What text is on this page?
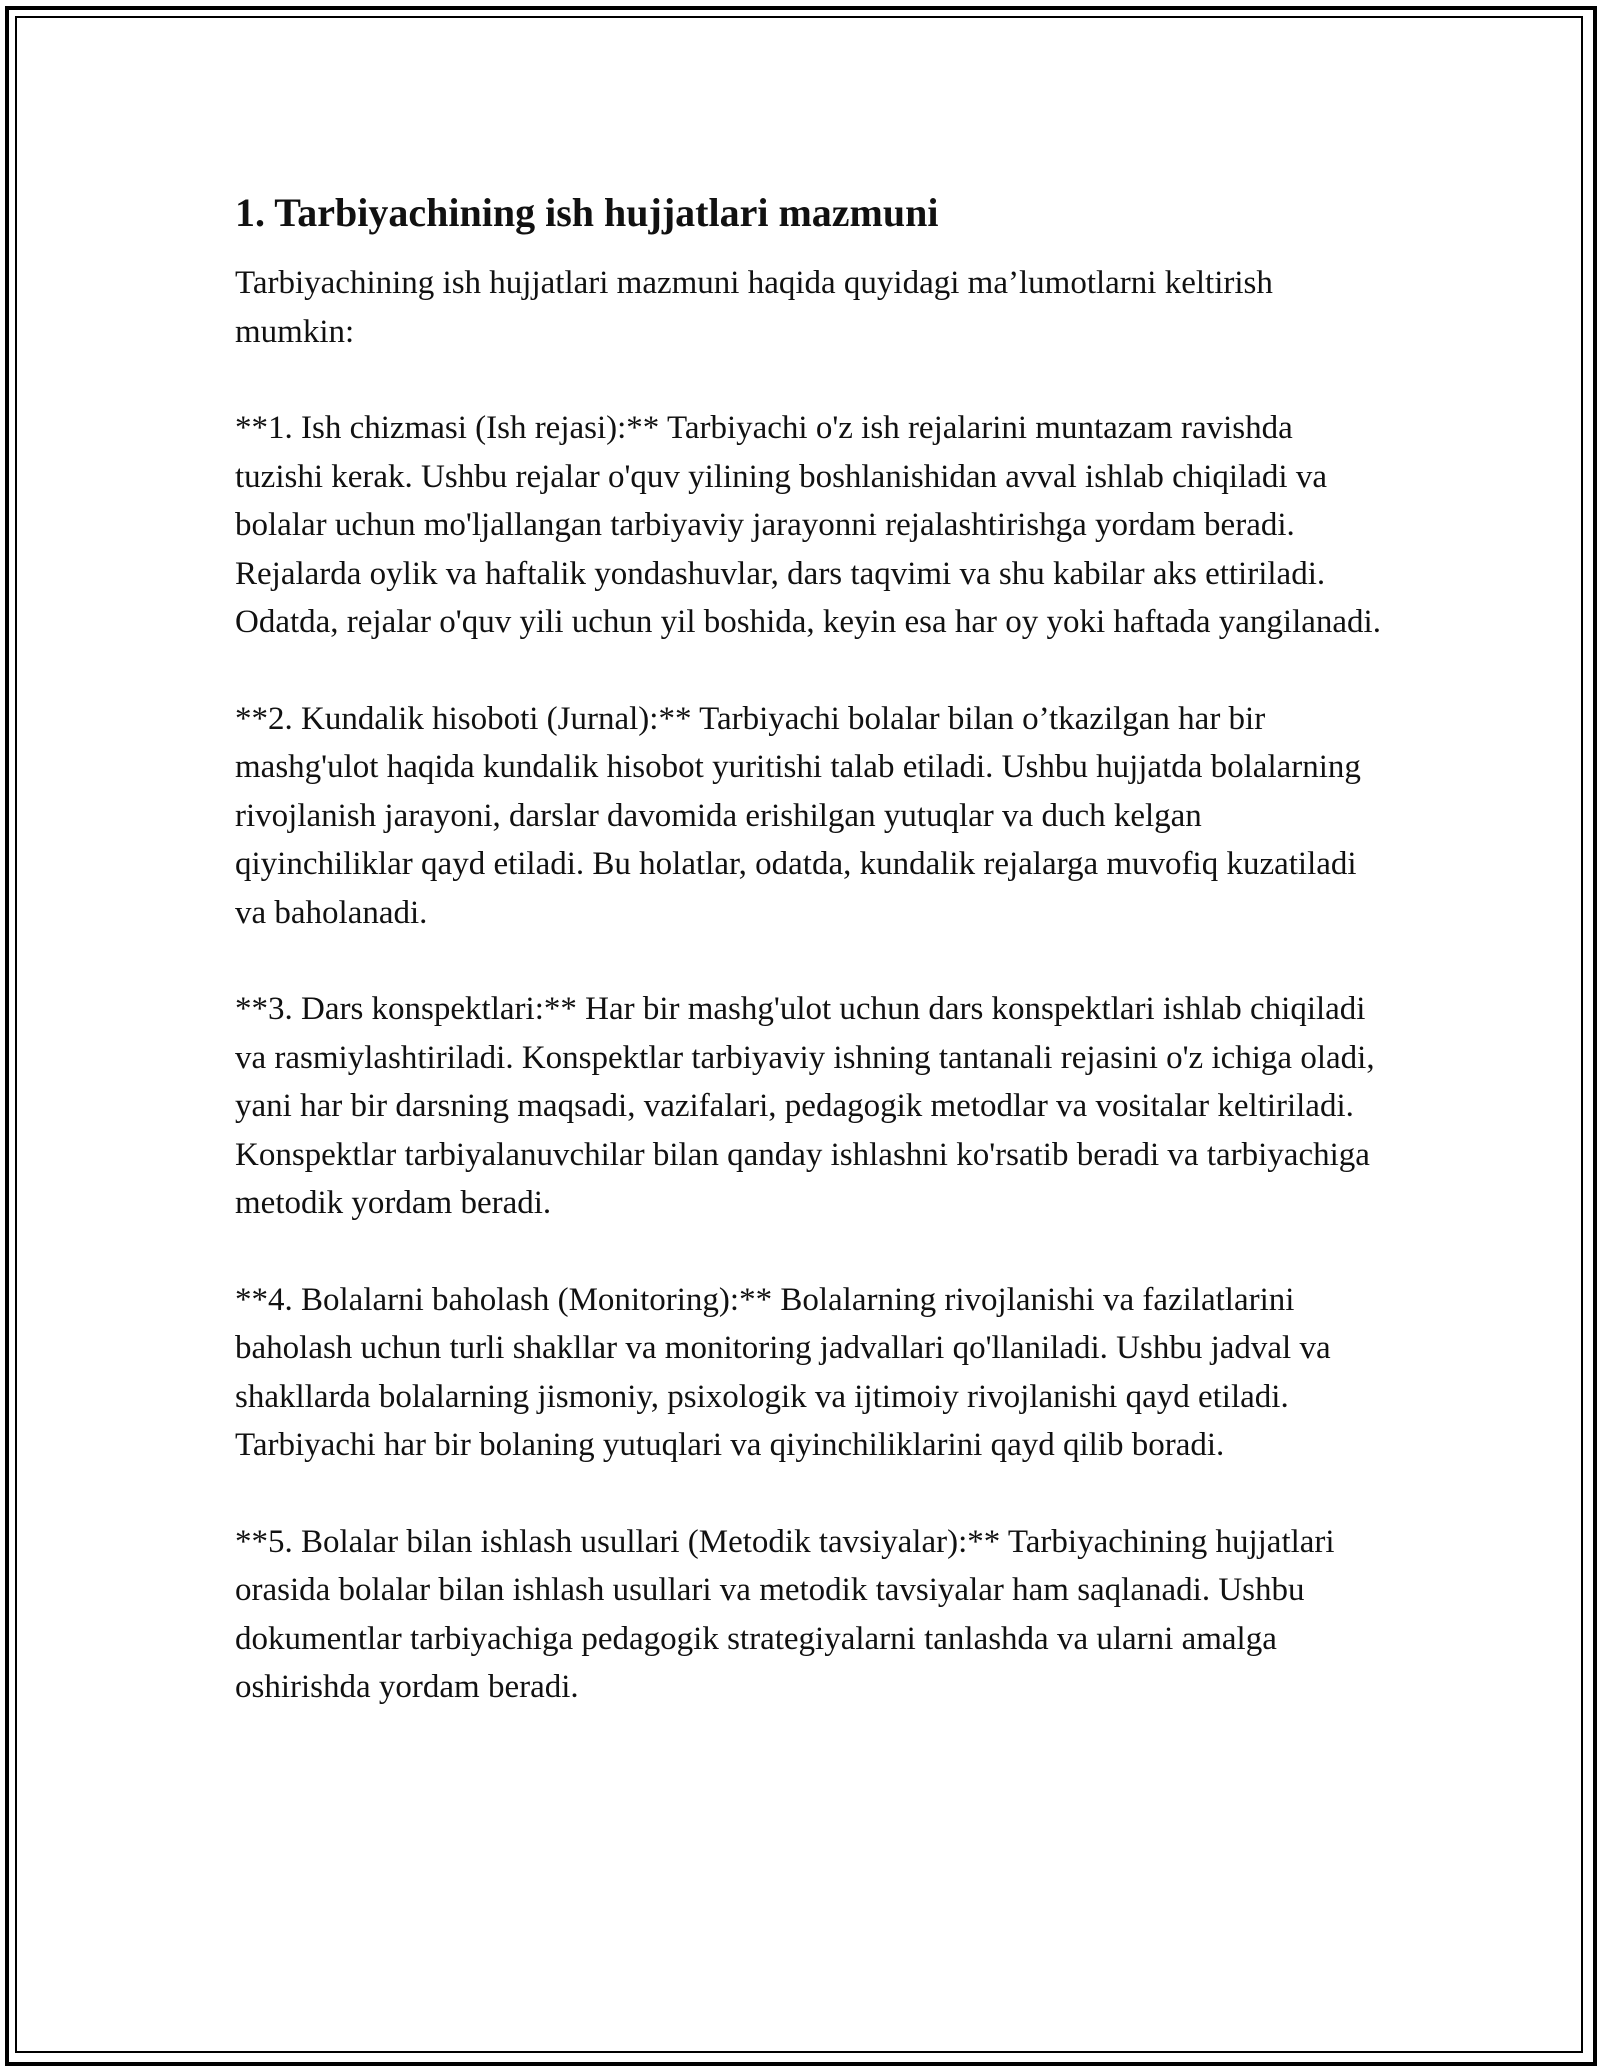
1. Tarbiyachining ish hujjatlari mazmuni

Tarbiyachining ish hujjatlari mazmuni haqida quyidagi ma’lumotlarni keltirish mumkin:

**1. Ish chizmasi (Ish rejasi):** Tarbiyachi o'z ish rejalarini muntazam ravishda tuzishi kerak. Ushbu rejalar o'quv yilining boshlanishidan avval ishlab chiqiladi va bolalar uchun mo'ljallangan tarbiyaviy jarayonni rejalashtirishga yordam beradi. Rejalarda oylik va haftalik yondashuvlar, dars taqvimi va shu kabilar aks ettiriladi. Odatda, rejalar o'quv yili uchun yil boshida, keyin esa har oy yoki haftada yangilanadi.

**2. Kundalik hisoboti (Jurnal):** Tarbiyachi bolalar bilan o’tkazilgan har bir mashg'ulot haqida kundalik hisobot yuritishi talab etiladi. Ushbu hujjatda bolalarning rivojlanish jarayoni, darslar davomida erishilgan yutuqlar va duch kelgan qiyinchiliklar qayd etiladi. Bu holatlar, odatda, kundalik rejalarga muvofiq kuzatiladi va baholanadi.

**3. Dars konspektlari:** Har bir mashg'ulot uchun dars konspektlari ishlab chiqiladi va rasmiylashtiriladi. Konspektlar tarbiyaviy ishning tantanali rejasini o'z ichiga oladi, yani har bir darsning maqsadi, vazifalari, pedagogik metodlar va vositalar keltiriladi. Konspektlar tarbiyalanuvchilar bilan qanday ishlashni ko'rsatib beradi va tarbiyachiga metodik yordam beradi.

**4. Bolalarni baholash (Monitoring):** Bolalarning rivojlanishi va fazilatlarini baholash uchun turli shakllar va monitoring jadvallari qo'llaniladi. Ushbu jadval va shakllarda bolalarning jismoniy, psixologik va ijtimoiy rivojlanishi qayd etiladi. Tarbiyachi har bir bolaning yutuqlari va qiyinchiliklarini qayd qilib boradi.

**5. Bolalar bilan ishlash usullari (Metodik tavsiyalar):** Tarbiyachining hujjatlari orasida bolalar bilan ishlash usullari va metodik tavsiyalar ham saqlanadi. Ushbu dokumentlar tarbiyachiga pedagogik strategiyalarni tanlashda va ularni amalga oshirishda yordam beradi.
